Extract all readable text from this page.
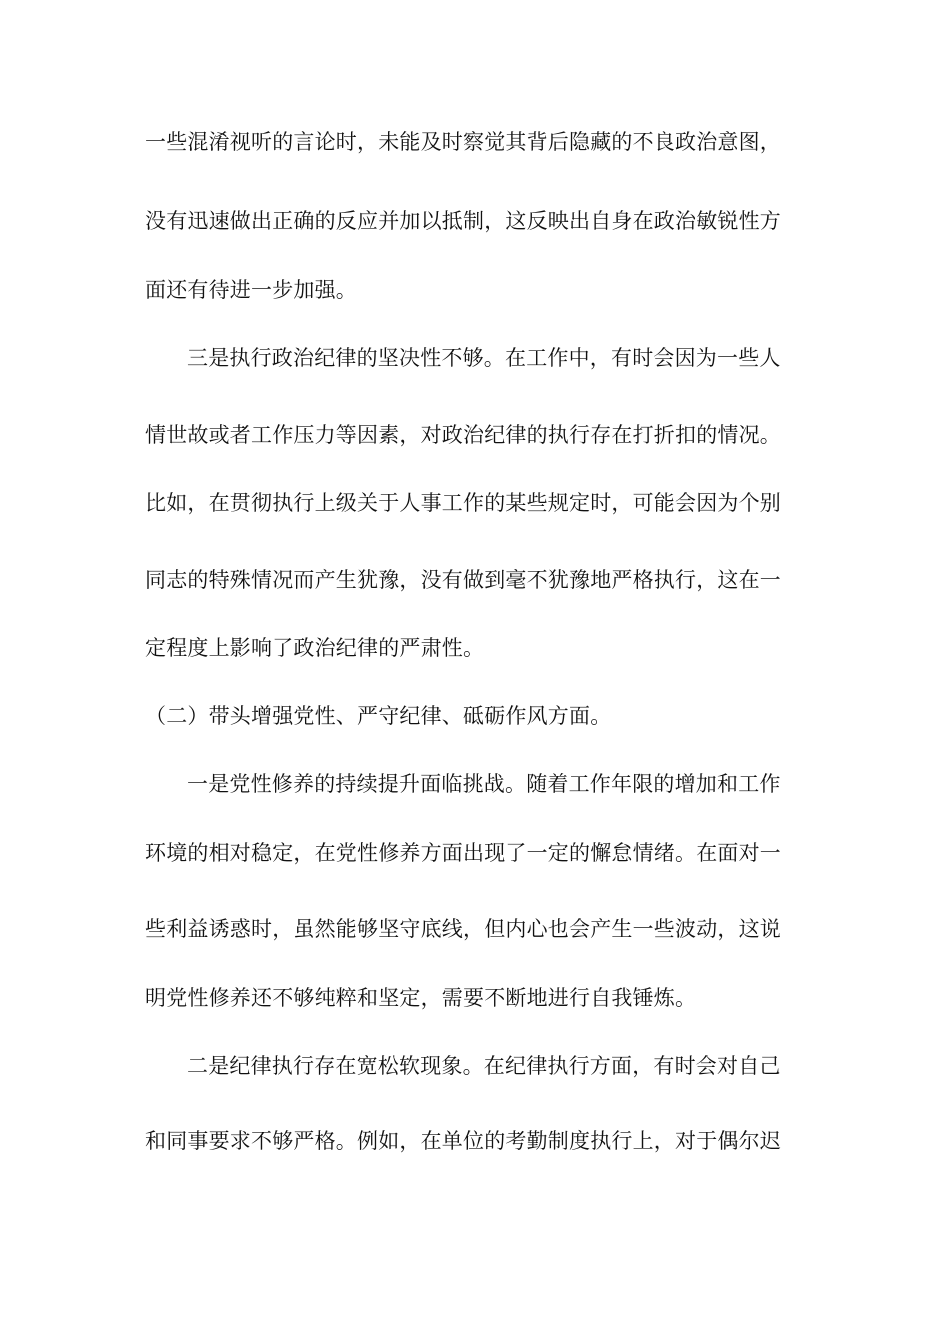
一些混淆视听的言论时，未能及时察觉其背后隐藏的不良政治意图，
没有迅速做出正确的反应并加以抵制，这反映出自身在政治敏锐性方
面还有待进一步加强。
三是执行政治纪律的坚决性不够。在工作中，有时会因为一些人
情世故或者工作压力等因素，对政治纪律的执行存在打折扣的情况。
比如，在贯彻执行上级关于人事工作的某些规定时，可能会因为个别
同志的特殊情况而产生犹豫，没有做到毫不犹豫地严格执行，这在一
定程度上影响了政治纪律的严肃性。
（二）带头增强党性、严守纪律、砥砺作风方面。
一是党性修养的持续提升面临挑战。随着工作年限的增加和工作
环境的相对稳定，在党性修养方面出现了一定的懈怠情绪。在面对一
些利益诱惑时，虽然能够坚守底线，但内心也会产生一些波动，这说
明党性修养还不够纯粹和坚定，需要不断地进行自我锤炼。
二是纪律执行存在宽松软现象。在纪律执行方面，有时会对自己
和同事要求不够严格。例如，在单位的考勤制度执行上，对于偶尔迟
